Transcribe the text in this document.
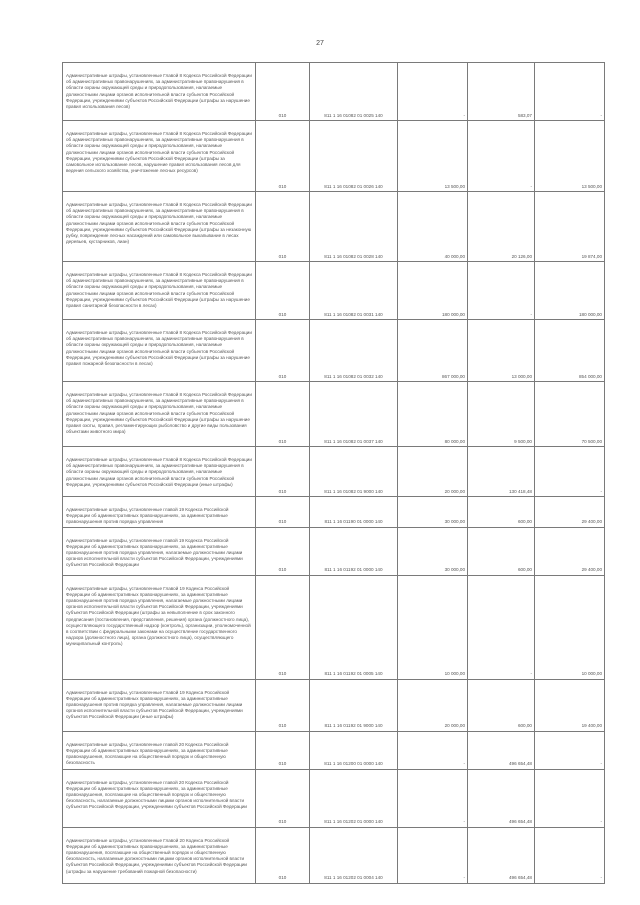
27
Административные штрафы, установленные Главой 8 Кодекса Российской Федерации об административных правонарушениях, за административные правонарушения в области охраны окружающей среды и природопользования, налагаемые должностными лицами органов исполнительной власти субъектов Российской Федерации, учреждениями субъектов Российской Федерации (штрафы за нарушение правил использования лесов)	010	811 1 16 01082 01 0025 140	-	583,07	-
Административные штрафы, установленные Главой 8 Кодекса Российской Федерации об административных правонарушениях, за административные правонарушения в области охраны окружающей среды и природопользования, налагаемые должностными лицами органов исполнительной власти субъектов Российской Федерации, учреждениями субъектов Российской Федерации (штрафы за самовольное использование лесов, нарушение правил использования лесов для ведения сельского хозяйства, уничтожение лесных ресурсов)	010	811 1 16 01082 01 0026 140	13 500,00	-	13 500,00
Административные штрафы, установленные Главой 8 Кодекса Российской Федерации об административных правонарушениях, за административные правонарушения в области охраны окружающей среды и природопользования, налагаемые должностными лицами органов исполнительной власти субъектов Российской Федерации, учреждениями субъектов Российской Федерации (штрафы за незаконную рубку, повреждение лесных насаждений или самовольное выкапывание в лесах деревьев, кустарников, лиан)	010	811 1 16 01082 01 0028 140	40 000,00	20 126,00	19 874,00
Административные штрафы, установленные Главой 8 Кодекса Российской Федерации об административных правонарушениях, за административные правонарушения в области охраны окружающей среды и природопользования, налагаемые должностными лицами органов исполнительной власти субъектов Российской Федерации, учреждениями субъектов Российской Федерации (штрафы за нарушение правил санитарной безопасности в лесах)	010	811 1 16 01082 01 0031 140	180 000,00	-	180 000,00
Административные штрафы, установленные Главой 8 Кодекса Российской Федерации об административных правонарушениях, за административные правонарушения в области охраны окружающей среды и природопользования, налагаемые должностными лицами органов исполнительной власти субъектов Российской Федерации, учреждениями субъектов Российской Федерации (штрафы за нарушение правил пожарной безопасности в лесах)	010	811 1 16 01082 01 0032 140	867 000,00	13 000,00	854 000,00
Административные штрафы, установленные Главой 8 Кодекса Российской Федерации об административных правонарушениях, за административные правонарушения в области охраны окружающей среды и природопользования, налагаемые должностными лицами органов исполнительной власти субъектов Российской Федерации, учреждениями субъектов Российской Федерации (штрафы за нарушение правил охоты, правил, регламентирующих рыболовство и другие виды пользования объектами животного мира)	010	811 1 16 01082 01 0037 140	80 000,00	9 500,00	70 500,00
Административные штрафы, установленные Главой 8 Кодекса Российской Федерации об административных правонарушениях, за административные правонарушения в области охраны окружающей среды и природопользования, налагаемые должностными лицами органов исполнительной власти субъектов Российской Федерации, учреждениями субъектов Российской Федерации (иные штрафы)	010	811 1 16 01082 01 9000 140	20 000,00	130 418,48	-
Административные штрафы, установленные главой 19 Кодекса Российской Федерации об административных правонарушениях, за административные правонарушения против порядка управления	010	811 1 16 01190 01 0000 140	30 000,00	600,00	29 400,00
Административные штрафы, установленные главой 19 Кодекса Российской Федерации об административных правонарушениях, за административные правонарушения против порядка управления, налагаемые должностными лицами органов исполнительной власти субъектов Российской Федерации, учреждениями субъектов Российской Федерации	010	811 1 16 01192 01 0000 140	30 000,00	600,00	29 400,00
Административные штрафы, установленные Главой 19 Кодекса Российской Федерации об административных правонарушениях, за административные правонарушения против порядка управления, налагаемые должностными лицами органов исполнительной власти субъектов Российской Федерации, учреждениями субъектов Российской Федерации (штрафы за невыполнение в срок законного предписания (постановления, представления, решения) органа (должностного лица), осуществляющего государственный надзор (контроль), организации, уполномоченной в соответствии с федеральными законами на осуществление государственного надзора (должностного лица), органа (должностного лица), осуществляющего муниципальный контроль)	010	811 1 16 01192 01 0005 140	10 000,00	-	10 000,00
Административные штрафы, установленные Главой 19 Кодекса Российской Федерации об административных правонарушениях, за административные правонарушения против порядка управления, налагаемые должностными лицами органов исполнительной власти субъектов Российской Федерации, учреждениями субъектов Российской Федерации (иные штрафы)	010	811 1 16 01192 01 9000 140	20 000,00	600,00	19 400,00
Административные штрафы, установленные главой 20 Кодекса Российской Федерации об административных правонарушениях, за административные правонарушения, посягающие на общественный порядок и общественную безопасность	010	811 1 16 01200 01 0000 140	-	496 654,48	-
Административные штрафы, установленные главой 20 Кодекса Российской Федерации об административных правонарушениях, за административные правонарушения, посягающие на общественный порядок и общественную безопасность, налагаемые должностными лицами органов исполнительной власти субъектов Российской Федерации, учреждениями субъектов Российской Федерации	010	811 1 16 01202 01 0000 140	-	496 654,48	-
Административные штрафы, установленные Главой 20 Кодекса Российской Федерации об административных правонарушениях, за административные правонарушения, посягающие на общественный порядок и общественную безопасность, налагаемые должностными лицами органов исполнительной власти субъектов Российской Федерации, учреждениями субъектов Российской Федерации (штрафы за нарушение требований пожарной безопасности)	010	811 1 16 01202 01 0004 140	-	496 654,48	-
